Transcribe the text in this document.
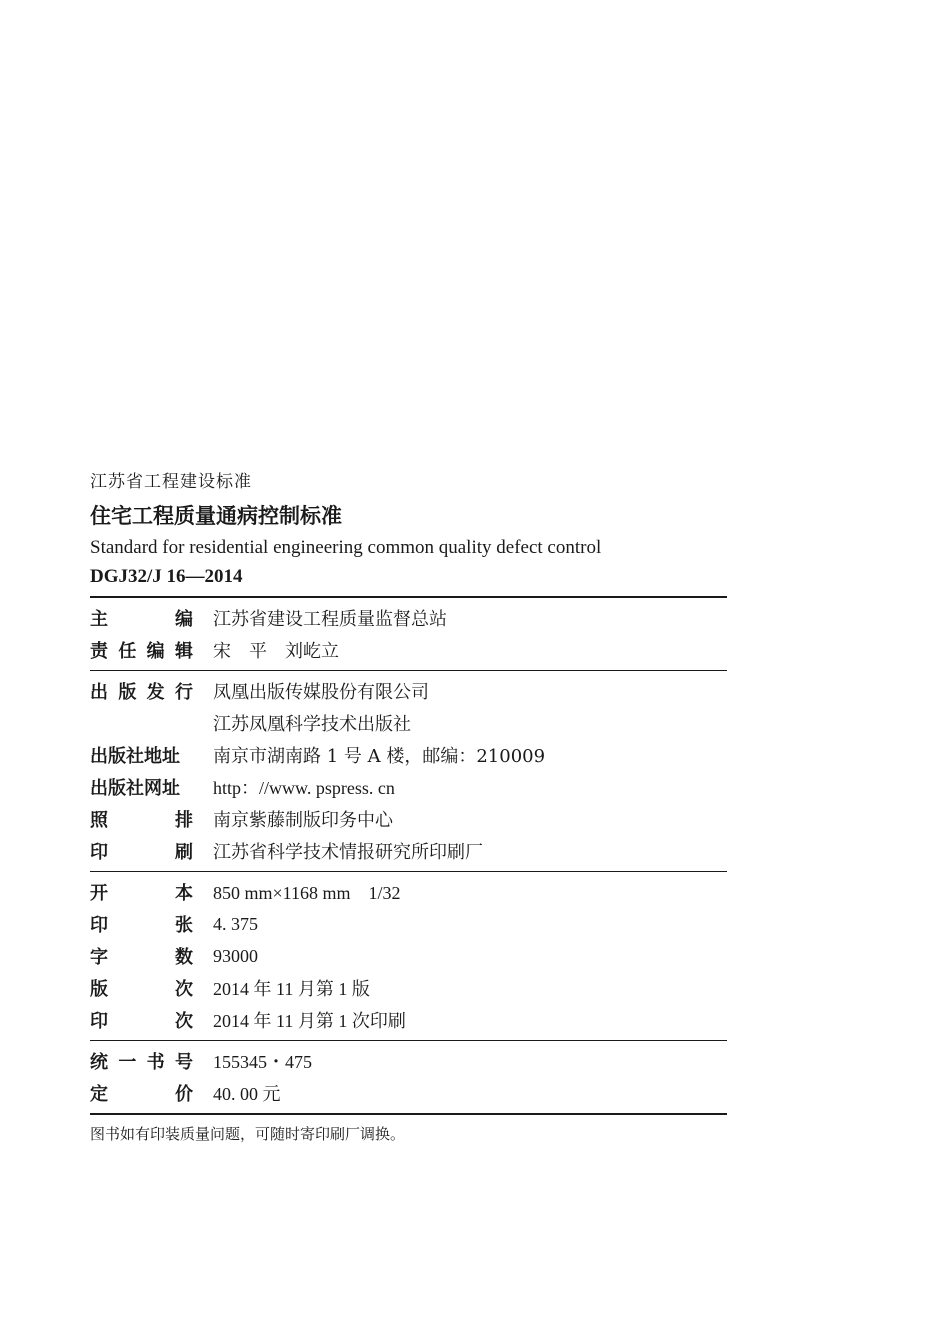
江苏省工程建设标准
住宅工程质量通病控制标准
Standard for residential engineering common quality defect control
DGJ32/J 16—2014
主	编 江苏省建设工程质量监督总站
责 任 编 辑 宋　平　刘屹立
出 版 发 行 凤凰出版传媒股份有限公司
江苏凤凰科学技术出版社
出版社地址 南京市湖南路 1 号 A 楼，邮编：210009
出版社网址 http：//www. pspress. cn
照	排 南京紫藤制版印务中心
印	刷 江苏省科学技术情报研究所印刷厂
开	本 850 mm×1168 mm　1/32
印	张 4. 375
字	数 93000
版	次 2014 年 11 月第 1 版
印	次 2014 年 11 月第 1 次印刷
统 一 书 号 155345・475
定	价 40. 00 元
图书如有印装质量问题，可随时寄印刷厂调换。
